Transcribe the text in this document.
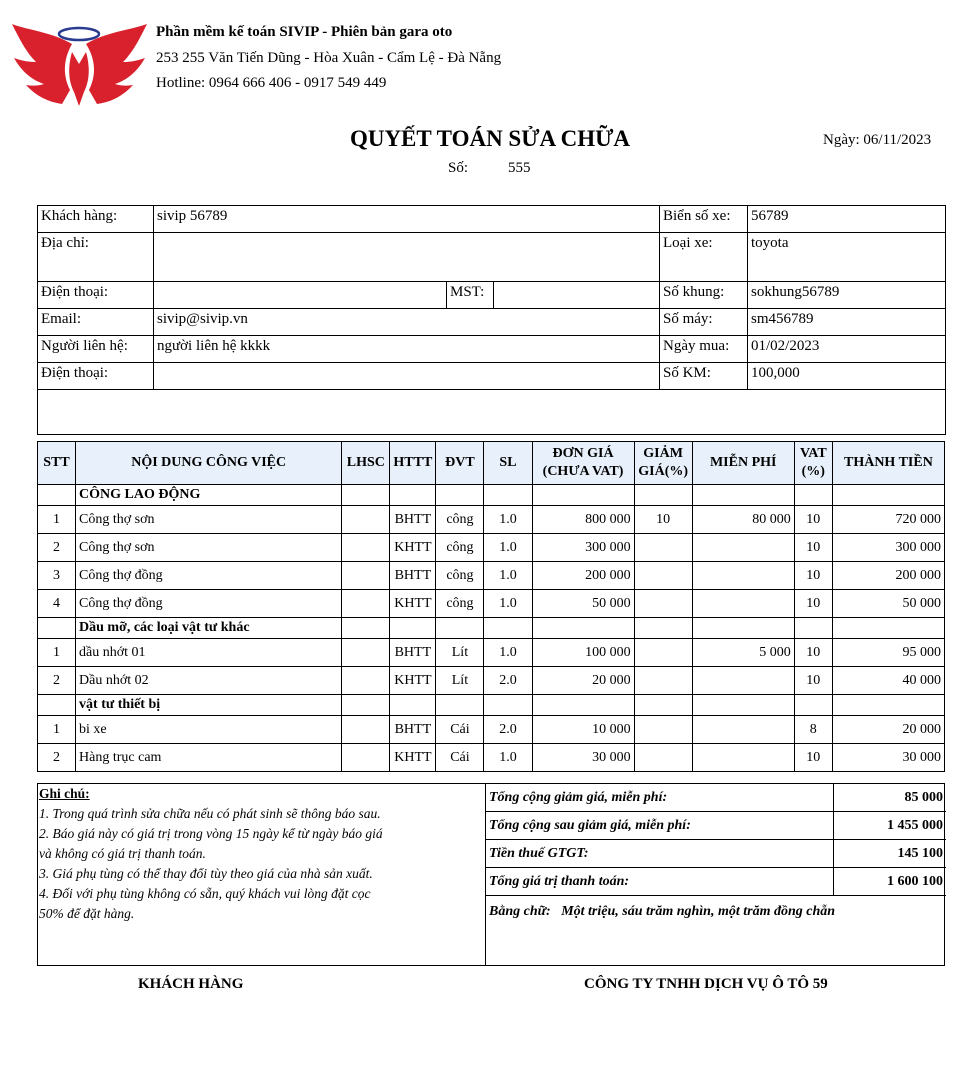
Phần mềm kế toán SIVIP - Phiên bản gara oto
253 255 Văn Tiến Dũng - Hòa Xuân - Cẩm Lệ - Đà Nẵng
Hotline: 0964 666 406 - 0917 549 449
QUYẾT TOÁN SỬA CHỮA	Ngày: 06/11/2023
Số:	555
Khách hàng:	sivip 56789			Biển số xe:	56789
Địa chỉ:				Loại xe:	toyota
Điện thoại:		MST:		Số khung:	sokhung56789
Email:	sivip@sivip.vn			Số máy:	sm456789
Người liên hệ:	người liên hệ kkkk			Ngày mua:	01/02/2023
Điện thoại:				Số KM:	100,000

STT	NỘI DUNG CÔNG VIỆC	LHSC	HTTT	ĐVT	SL	ĐƠN GIÁ (CHƯA VAT)	GIẢM GIÁ(%)	MIỄN PHÍ	VAT (%)	THÀNH TIỀN
	CÔNG LAO ĐỘNG									
1	Công thợ sơn		BHTT	công	1.0	800 000	10	80 000	10	720 000
2	Công thợ sơn		KHTT	công	1.0	300 000			10	300 000
3	Công thợ đồng		BHTT	công	1.0	200 000			10	200 000
4	Công thợ đồng		KHTT	công	1.0	50 000			10	50 000
	Dầu mỡ, các loại vật tư khác									
1	dầu nhớt 01		BHTT	Lít	1.0	100 000		5 000	10	95 000
2	Dầu nhớt 02		KHTT	Lít	2.0	20 000			10	40 000
	vật tư thiết bị									
1	bi xe		BHTT	Cái	2.0	10 000			8	20 000
2	Hàng trục cam		KHTT	Cái	1.0	30 000			10	30 000
Ghi chú:
1. Trong quá trình sửa chữa nếu có phát sinh sẽ thông báo sau.
2. Báo giá này có giá trị trong vòng 15 ngày kể từ ngày báo giá
và không có giá trị thanh toán.
3. Giá phụ tùng có thể thay đổi tùy theo giá của nhà sản xuất.
4. Đối với phụ tùng không có sẵn, quý khách vui lòng đặt cọc
50% để đặt hàng.
Tổng cộng giảm giá, miễn phí:	85 000
Tổng cộng sau giảm giá, miễn phí:	1 455 000
Tiền thuế GTGT:	145 100
Tổng giá trị thanh toán:	1 600 100
Bằng chữ: Một triệu, sáu trăm nghìn, một trăm đồng chẵn
KHÁCH HÀNG	CÔNG TY TNHH DỊCH VỤ Ô TÔ 59
